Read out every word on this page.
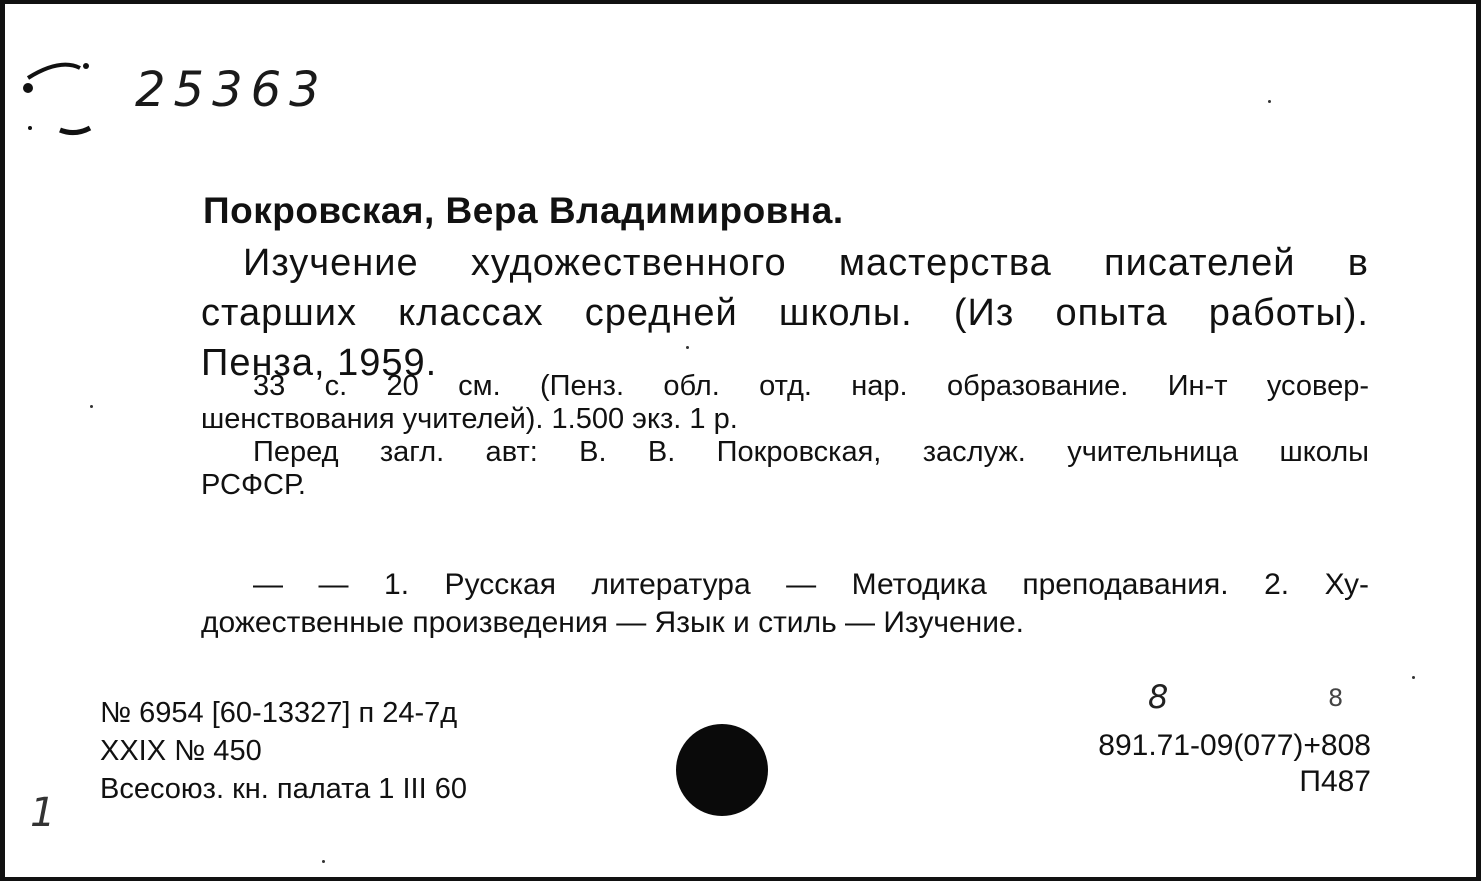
25363
Покровская, Вера Владимировна.
Изучение художественного мастерства писателей в
старших классах средней школы. (Из опыта работы).
Пенза, 1959.
33 с. 20 см. (Пенз. обл. отд. нар. образование. Ин-т усовер-
шенствования учителей). 1.500 экз. 1 р.
Перед загл. авт: В. В. Покровская, заслуж. учительница школы
РСФСР.
— — 1. Русская литература — Методика преподавания. 2. Ху-
дожественные произведения — Язык и стиль — Изучение.
№ 6954 [60-13327] п 24-7д
XXIX № 450
Всесоюз. кн. палата 1 III 60
8	8
891.71-09(077)+808
П487
1
